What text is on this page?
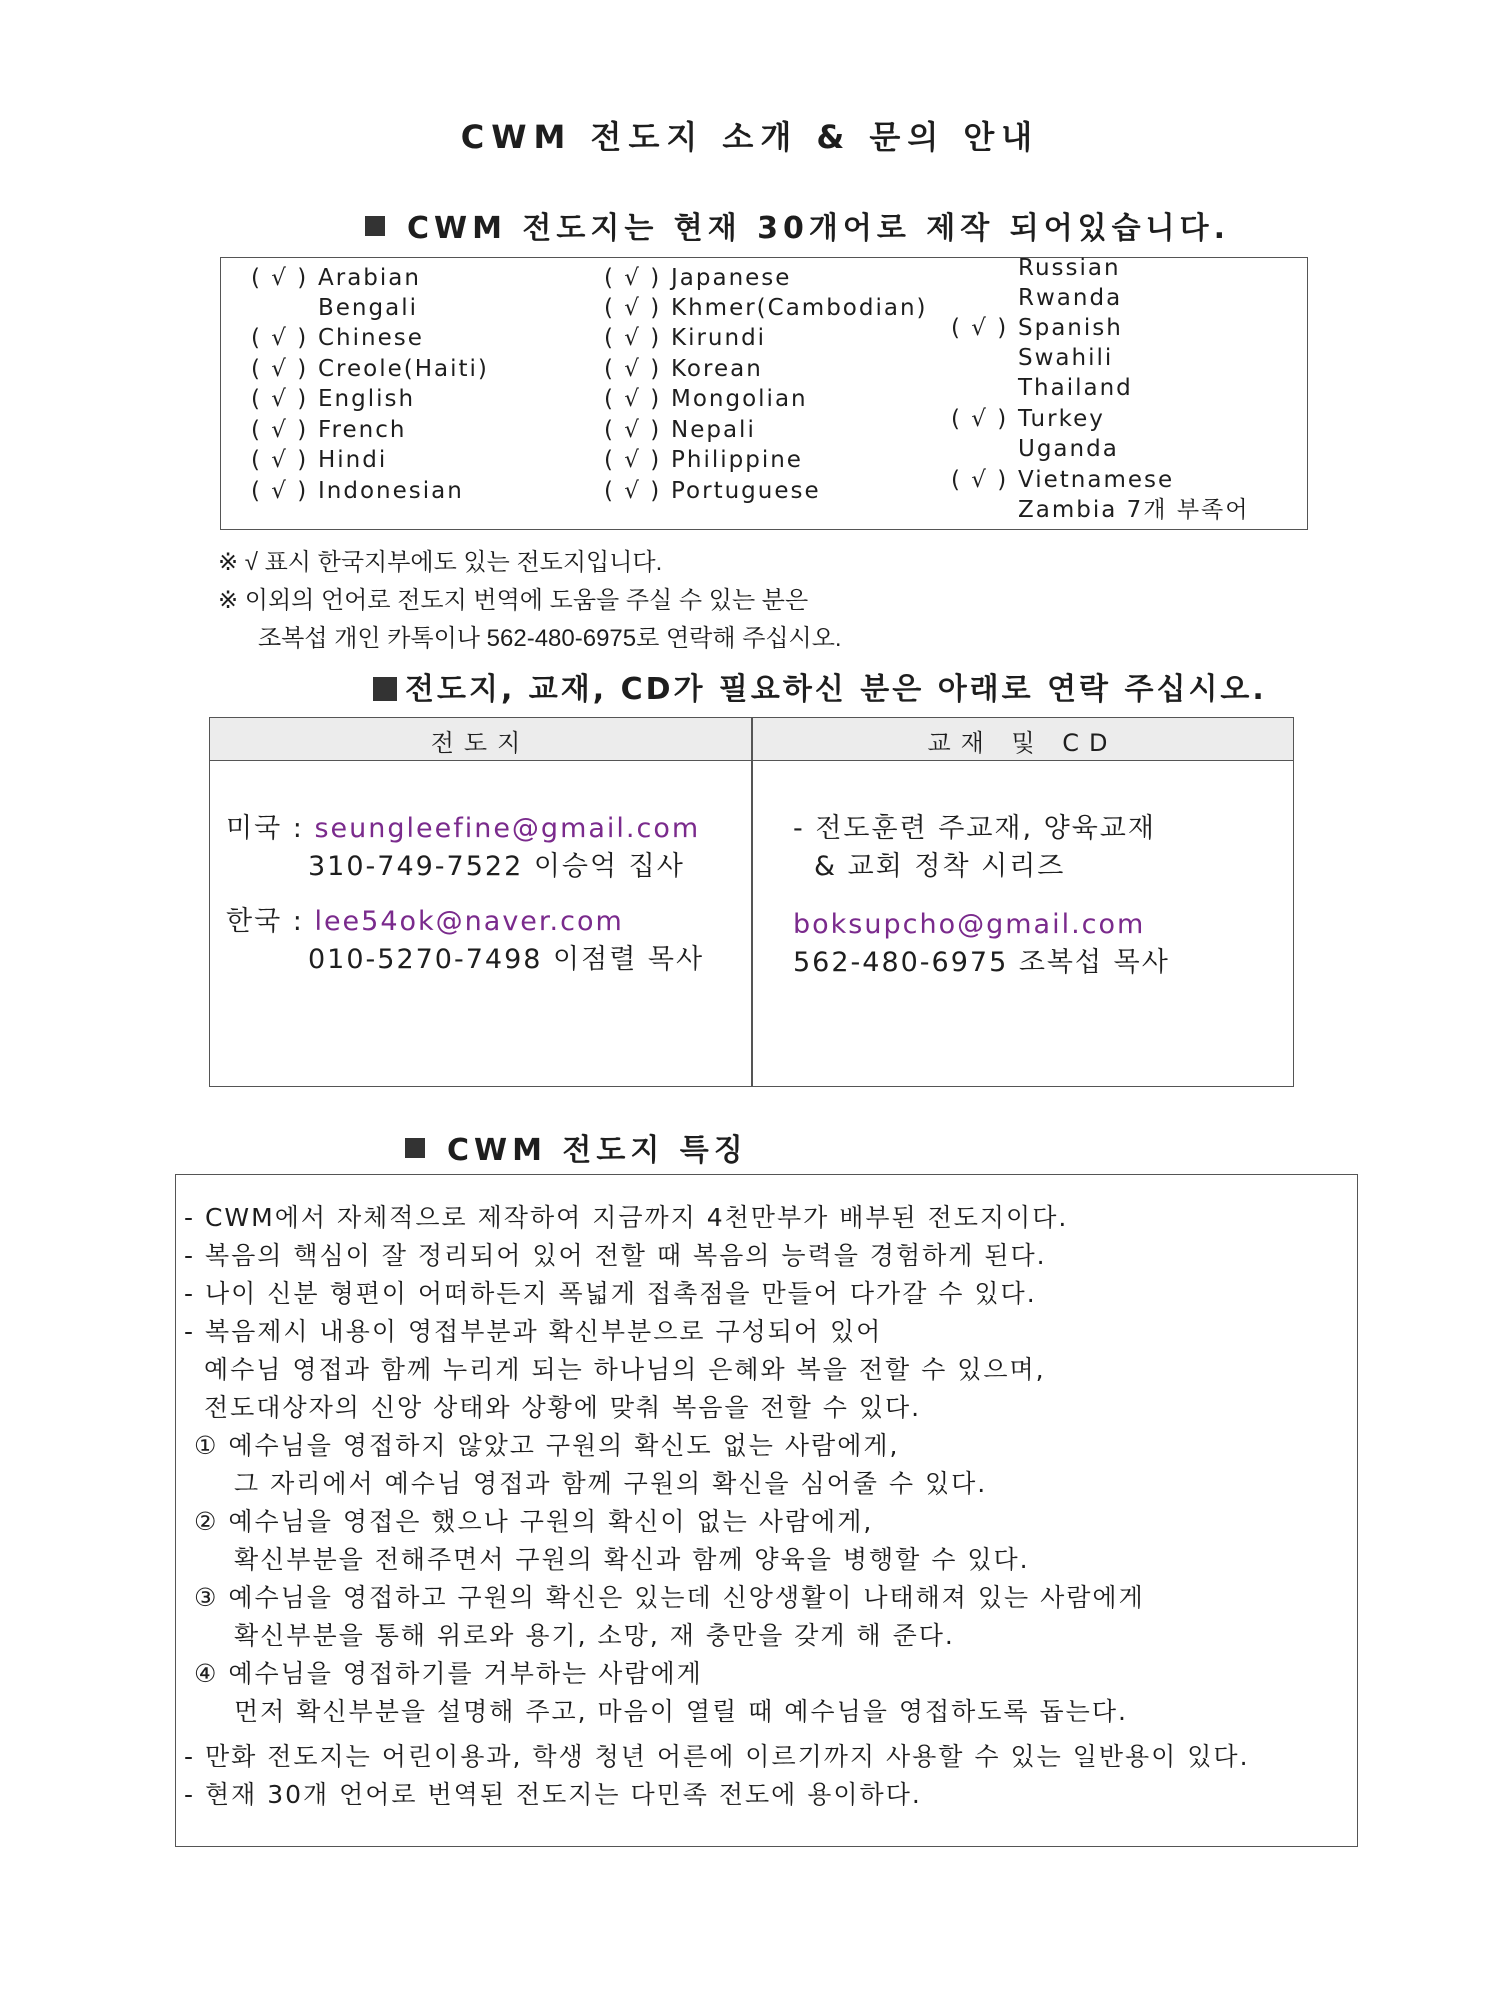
CWM 전도지 소개 & 문의 안내
CWM 전도지는 현재 30개어로 제작 되어있습니다.
( √ ) Arabian
Bengali
( √ ) Chinese
( √ ) Creole(Haiti)
( √ ) English
( √ ) French
( √ ) Hindi
( √ ) Indonesian
( √ ) Japanese
( √ ) Khmer(Cambodian)
( √ ) Kirundi
( √ ) Korean
( √ ) Mongolian
( √ ) Nepali
( √ ) Philippine
( √ ) Portuguese
Russian
Rwanda
( √ ) Spanish
Swahili
Thailand
( √ ) Turkey
Uganda
( √ ) Vietnamese
Zambia 7개 부족어
※ √ 표시 한국지부에도 있는 전도지입니다.
※ 이외의 언어로 전도지 번역에 도움을 주실 수 있는 분은
조복섭 개인 카톡이나 562-480-6975로 연락해 주십시오.
전도지, 교재, CD가 필요하신 분은 아래로 연락 주십시오.
전도지	교재 및 CD
미국 : seungleefine@gmail.com
310-749-7522 이승억 집사
한국 : lee54ok@naver.com
010-5270-7498 이점렬 목사
- 전도훈련 주교재, 양육교재
& 교회 정착 시리즈
boksupcho@gmail.com
562-480-6975 조복섭 목사
CWM 전도지 특징
- CWM에서 자체적으로 제작하여 지금까지 4천만부가 배부된 전도지이다.
- 복음의 핵심이 잘 정리되어 있어 전할 때 복음의 능력을 경험하게 된다.
- 나이 신분 형편이 어떠하든지 폭넓게 접촉점을 만들어 다가갈 수 있다.
- 복음제시 내용이 영접부분과 확신부분으로 구성되어 있어
예수님 영접과 함께 누리게 되는 하나님의 은혜와 복을 전할 수 있으며,
전도대상자의 신앙 상태와 상황에 맞춰 복음을 전할 수 있다.
① 예수님을 영접하지 않았고 구원의 확신도 없는 사람에게,
그 자리에서 예수님 영접과 함께 구원의 확신을 심어줄 수 있다.
② 예수님을 영접은 했으나 구원의 확신이 없는 사람에게,
확신부분을 전해주면서 구원의 확신과 함께 양육을 병행할 수 있다.
③ 예수님을 영접하고 구원의 확신은 있는데 신앙생활이 나태해져 있는 사람에게
확신부분을 통해 위로와 용기, 소망, 재 충만을 갖게 해 준다.
④ 예수님을 영접하기를 거부하는 사람에게
먼저 확신부분을 설명해 주고, 마음이 열릴 때 예수님을 영접하도록 돕는다.
- 만화 전도지는 어린이용과, 학생 청년 어른에 이르기까지 사용할 수 있는 일반용이 있다.
- 현재 30개 언어로 번역된 전도지는 다민족 전도에 용이하다.
